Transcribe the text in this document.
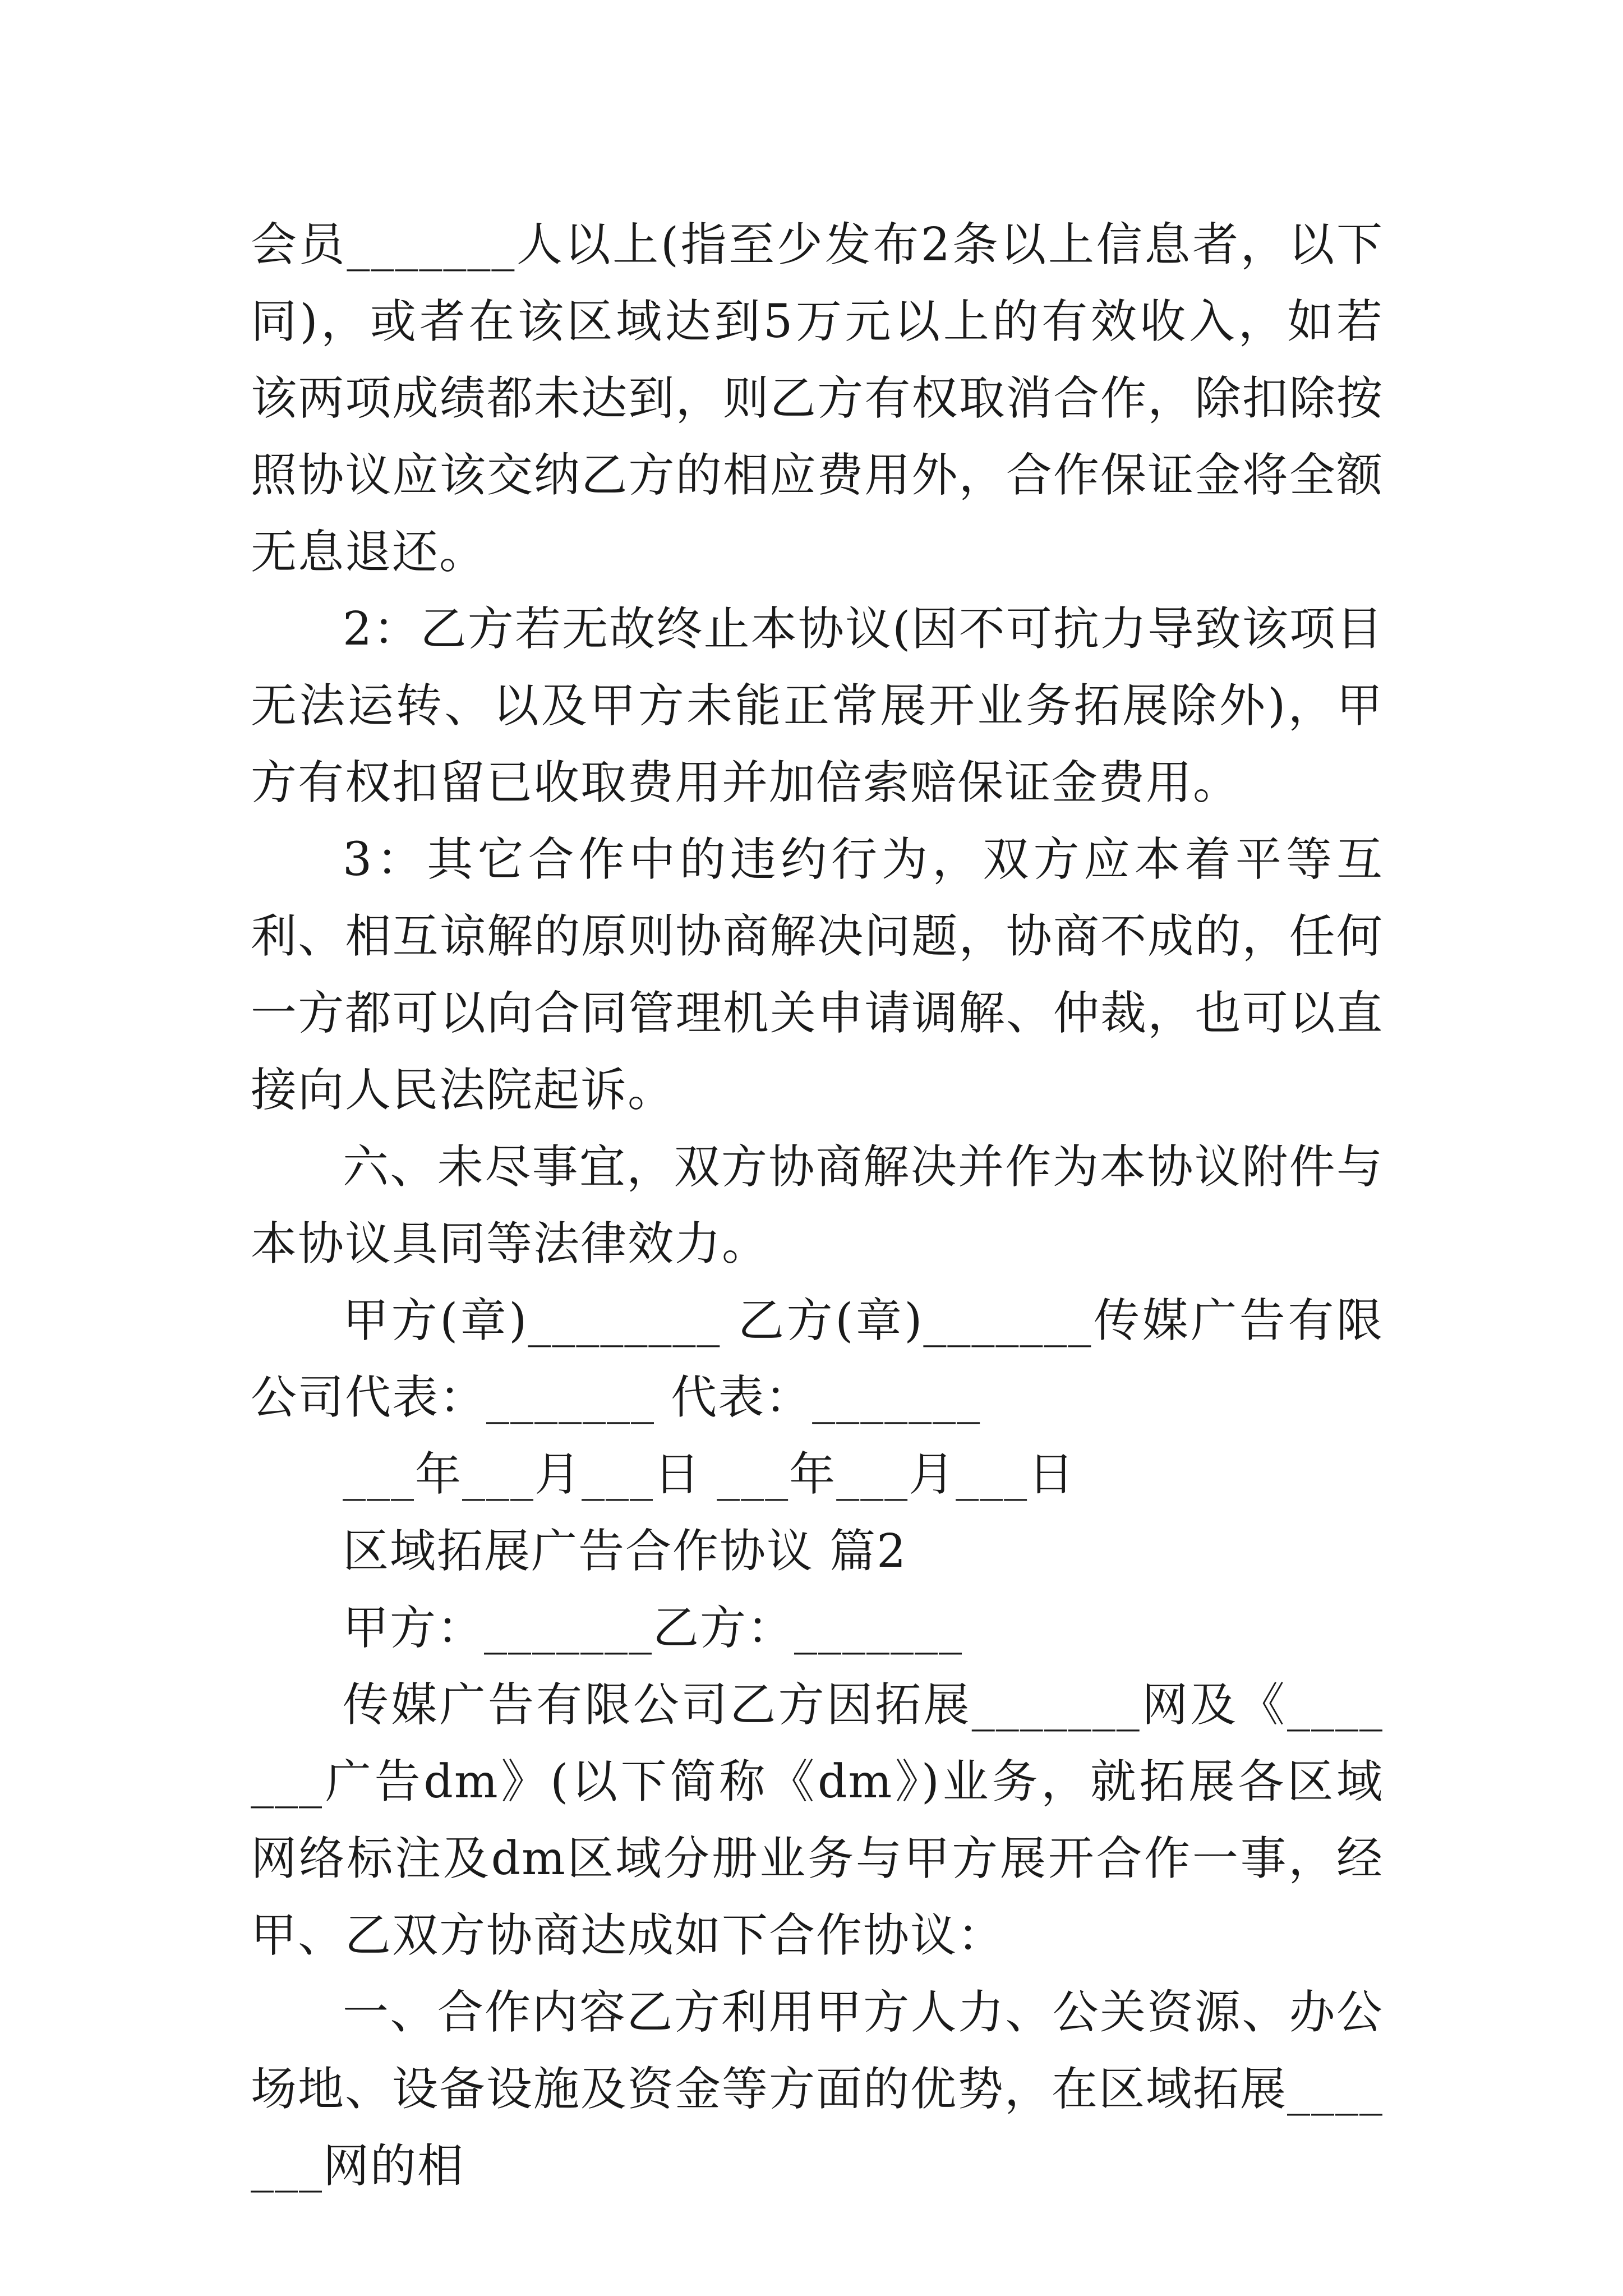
会员_______人以上(指至少发布2条以上信息者，以下同)，或者在该区域达到5万元以上的有效收入，如若该两项成绩都未达到，则乙方有权取消合作，除扣除按照协议应该交纳乙方的相应费用外，合作保证金将全额无息退还。

2：乙方若无故终止本协议(因不可抗力导致该项目无法运转、以及甲方未能正常展开业务拓展除外)，甲方有权扣留已收取费用并加倍索赔保证金费用。

3：其它合作中的违约行为，双方应本着平等互利、相互谅解的原则协商解决问题，协商不成的，任何一方都可以向合同管理机关申请调解、仲裁，也可以直接向人民法院起诉。

六、未尽事宜，双方协商解决并作为本协议附件与本协议具同等法律效力。

甲方(章)________ 乙方(章)_______传媒广告有限公司代表：_______ 代表：_______

___年___月___日 ___年___月___日

区域拓展广告合作协议 篇2

甲方：_______乙方：_______

传媒广告有限公司乙方因拓展_______网及《_______广告dm》(以下简称《dm》)业务，就拓展各区域网络标注及dm区域分册业务与甲方展开合作一事，经甲、乙双方协商达成如下合作协议：

一、合作内容乙方利用甲方人力、公关资源、办公场地、设备设施及资金等方面的优势，在区域拓展_______网的相
